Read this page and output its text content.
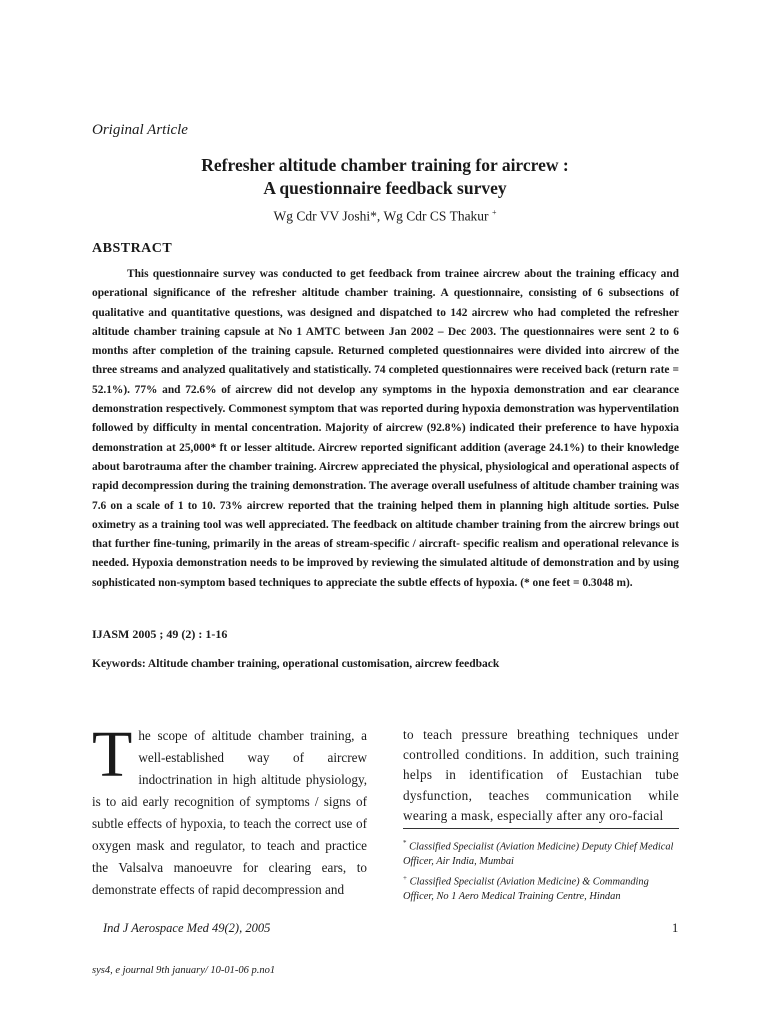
Original Article
Refresher altitude chamber training for aircrew :
A questionnaire feedback survey
Wg Cdr VV Joshi*, Wg Cdr CS Thakur +
ABSTRACT
This questionnaire survey was conducted to get feedback from trainee aircrew about the training efficacy and operational significance of the refresher altitude chamber training. A questionnaire, consisting of 6 subsections of qualitative and quantitative questions, was designed and dispatched to 142 aircrew who had completed the refresher altitude chamber training capsule at No 1 AMTC between Jan 2002 – Dec 2003. The questionnaires were sent 2 to 6 months after completion of the training capsule. Returned completed questionnaires were divided into aircrew of the three streams and analyzed qualitatively and statistically. 74 completed questionnaires were received back (return rate = 52.1%). 77% and 72.6% of aircrew did not develop any symptoms in the hypoxia demonstration and ear clearance demonstration respectively. Commonest symptom that was reported during hypoxia demonstration was hyperventilation followed by difficulty in mental concentration. Majority of aircrew (92.8%) indicated their preference to have hypoxia demonstration at 25,000* ft or lesser altitude. Aircrew reported significant addition (average 24.1%) to their knowledge about barotrauma after the chamber training. Aircrew appreciated the physical, physiological and operational aspects of rapid decompression during the training demonstration. The average overall usefulness of altitude chamber training was 7.6 on a scale of 1 to 10. 73% aircrew reported that the training helped them in planning high altitude sorties. Pulse oximetry as a training tool was well appreciated. The feedback on altitude chamber training from the aircrew brings out that further fine-tuning, primarily in the areas of stream-specific / aircraft- specific realism and operational relevance is needed. Hypoxia demonstration needs to be improved by reviewing the simulated altitude of demonstration and by using sophisticated non-symptom based techniques to appreciate the subtle effects of hypoxia. (* one feet = 0.3048 m).
IJASM 2005 ; 49 (2) : 1-16
Keywords: Altitude chamber training, operational customisation, aircrew feedback
The scope of altitude chamber training, a well-established way of aircrew indoctrination in high altitude physiology, is to aid early recognition of symptoms / signs of subtle effects of hypoxia, to teach the correct use of oxygen mask and regulator, to teach and practice the Valsalva manoeuvre for clearing ears, to demonstrate effects of rapid decompression and
to teach pressure breathing techniques under controlled conditions. In addition, such training helps in identification of Eustachian tube dysfunction, teaches communication while wearing a mask, especially after any oro-facial
* Classified Specialist (Aviation Medicine) Deputy Chief Medical Officer, Air India, Mumbai
+ Classified Specialist (Aviation Medicine) & Commanding Officer, No 1 Aero Medical Training Centre, Hindan
Ind J Aerospace Med 49(2), 2005	1
sys4, e journal 9th january/ 10-01-06 p.no1
